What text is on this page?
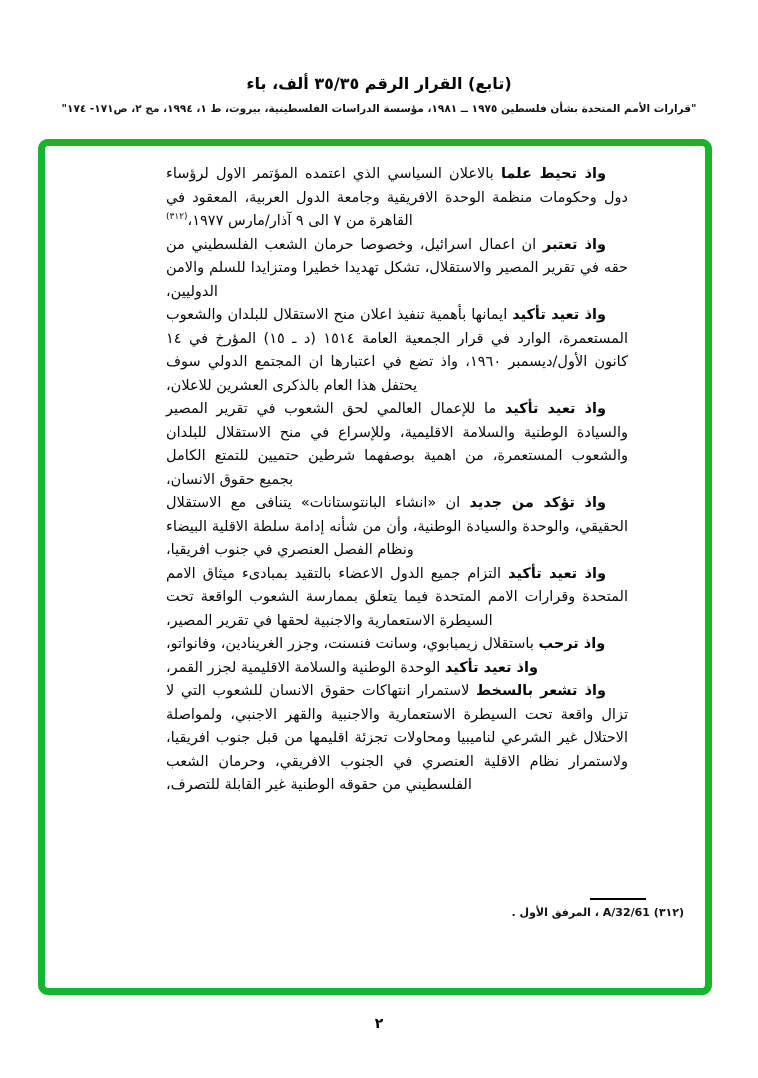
(تابع) القرار الرقم ٣٥/٣٥ ألف، باء
"قرارات الأمم المتحدة بشأن فلسطين ١٩٧٥ ــ ١٩٨١، مؤسسة الدراسات الفلسطينية، بيروت، ط ١، ١٩٩٤، مج ٢، ص١٧١- ١٧٤"

واذ تحيط علما بالاعلان السياسي الذي اعتمده المؤتمر الاول لرؤساء دول وحكومات منظمة الوحدة الافريقية وجامعة الدول العربية، المعقود في القاهرة من ٧ الى ٩ آذار/مارس ١٩٧٧،$^{(٣١٢)}$

واذ تعتبر ان اعمال اسرائيل، وخصوصا حرمان الشعب الفلسطيني من حقه في تقرير المصير والاستقلال، تشكل تهديدا خطيرا ومتزايدا للسلم والامن الدوليين،

واذ تعيد تأكيد ايمانها بأهمية تنفيذ اعلان منح الاستقلال للبلدان والشعوب المستعمرة، الوارد في قرار الجمعية العامة ١٥١٤ (د ـ ١٥) المؤرخ في ١٤ كانون الأول/ديسمبر ١٩٦٠، واذ تضع في اعتبارها ان المجتمع الدولي سوف يحتفل هذا العام بالذكرى العشرين للاعلان،

واذ تعيد تأكيد ما للإعمال العالمي لحق الشعوب في تقرير المصير والسيادة الوطنية والسلامة الاقليمية، وللإسراع في منح الاستقلال للبلدان والشعوب المستعمرة، من اهمية بوصفهما شرطين حتميين للتمتع الكامل بجميع حقوق الانسان،

واذ تؤكد من جديد ان «انشاء البانتوستانات» يتنافى مع الاستقلال الحقيقي، والوحدة والسيادة الوطنية، وأن من شأنه إدامة سلطة الاقلية البيضاء ونظام الفصل العنصري في جنوب افريقيا،

واذ تعيد تأكيد التزام جميع الدول الاعضاء بالتقيد بمبادىء ميثاق الامم المتحدة وقرارات الامم المتحدة فيما يتعلق بممارسة الشعوب الواقعة تحت السيطرة الاستعمارية والاجنبية لحقها في تقرير المصير،

واذ ترحب باستقلال زيمبابوي، وسانت فنسنت، وجزر الغرينادين، وفانواتو،

واذ تعيد تأكيد الوحدة الوطنية والسلامة الاقليمية لجزر القمر،

واذ تشعر بالسخط لاستمرار انتهاكات حقوق الانسان للشعوب التي لا تزال واقعة تحت السيطرة الاستعمارية والاجنبية والقهر الاجنبي، ولمواصلة الاحتلال غير الشرعي لناميبيا ومحاولات تجزئة اقليمها من قبل جنوب افريقيا، ولاستمرار نظام الاقلية العنصري في الجنوب الافريقي، وحرمان الشعب الفلسطيني من حقوقه الوطنية غير القابلة للتصرف،

(٣١٢) A/32/61 ، المرفق الأول .
٢
